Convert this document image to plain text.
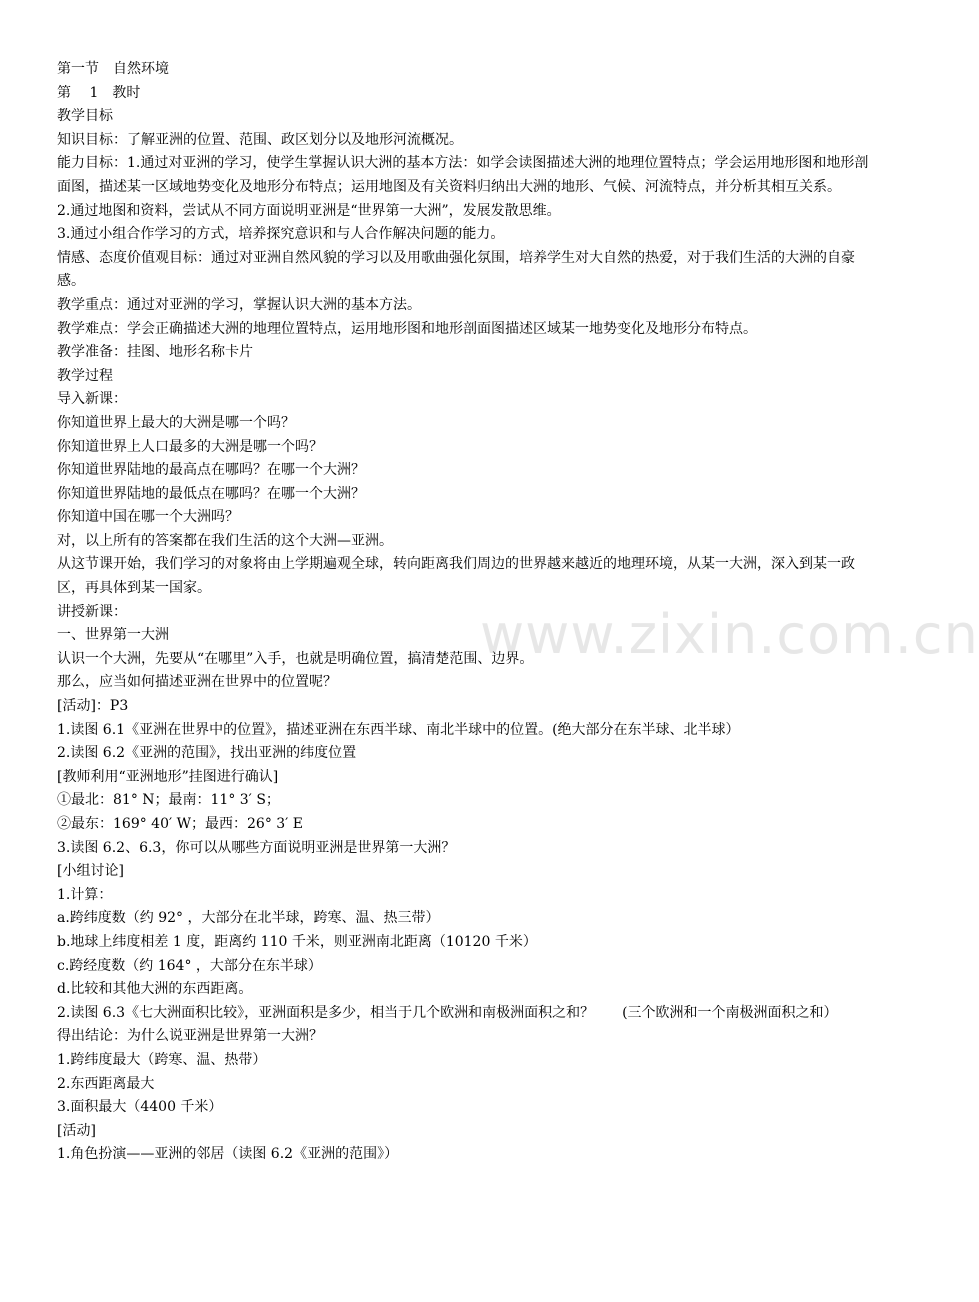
第一节　自然环境

第　 1　教时

教学目标

知识目标：了解亚洲的位置、范围、政区划分以及地形河流概况。

能力目标：1.通过对亚洲的学习，使学生掌握认识大洲的基本方法：如学会读图描述大洲的地理位置特点；学会运用地形图和地形剖面图，描述某一区域地势变化及地形分布特点；运用地图及有关资料归纳出大洲的地形、气候、河流特点，并分析其相互关系。

2.通过地图和资料，尝试从不同方面说明亚洲是“世界第一大洲”，发展发散思维。

3.通过小组合作学习的方式，培养探究意识和与人合作解决问题的能力。

情感、态度价值观目标：通过对亚洲自然风貌的学习以及用歌曲强化氛围，培养学生对大自然的热爱，对于我们生活的大洲的自豪感。

教学重点：通过对亚洲的学习，掌握认识大洲的基本方法。

教学难点：学会正确描述大洲的地理位置特点，运用地形图和地形剖面图描述区域某一地势变化及地形分布特点。

教学准备：挂图、地形名称卡片

教学过程

导入新课：

你知道世界上最大的大洲是哪一个吗？

你知道世界上人口最多的大洲是哪一个吗？

你知道世界陆地的最高点在哪吗？在哪一个大洲？

你知道世界陆地的最低点在哪吗？在哪一个大洲？

你知道中国在哪一个大洲吗？

对，以上所有的答案都在我们生活的这个大洲—亚洲。

从这节课开始，我们学习的对象将由上学期遍观全球，转向距离我们周边的世界越来越近的地理环境，从某一大洲，深入到某一政区，再具体到某一国家。

讲授新课：

一、世界第一大洲

认识一个大洲，先要从“在哪里”入手，也就是明确位置，搞清楚范围、边界。

那么，应当如何描述亚洲在世界中的位置呢？

[活动]：P3

1.读图 6.1《亚洲在世界中的位置》，描述亚洲在东西半球、南北半球中的位置。(绝大部分在东半球、北半球）

2.读图 6.2《亚洲的范围》，找出亚洲的纬度位置

[教师利用“亚洲地形”挂图进行确认]

①最北：81° N；最南：11° 3′ S；

②最东：169° 40′ W；最西：26° 3′ E

3.读图 6.2、6.3，你可以从哪些方面说明亚洲是世界第一大洲？

[小组讨论]

1.计算：

a.跨纬度数（约 92° ，大部分在北半球，跨寒、温、热三带）

b.地球上纬度相差 1 度，距离约 110 千米，则亚洲南北距离（10120 千米）

c.跨经度数（约 164° ，大部分在东半球）

d.比较和其他大洲的东西距离。

2.读图 6.3《七大洲面积比较》，亚洲面积是多少，相当于几个欧洲和南极洲面积之和？　　(三个欧洲和一个南极洲面积之和）

得出结论：为什么说亚洲是世界第一大洲？

1.跨纬度最大（跨寒、温、热带）

2.东西距离最大

3.面积最大（4400 千米）

[活动]

1.角色扮演——亚洲的邻居（读图 6.2《亚洲的范围》）

www.zixin.com.cn
